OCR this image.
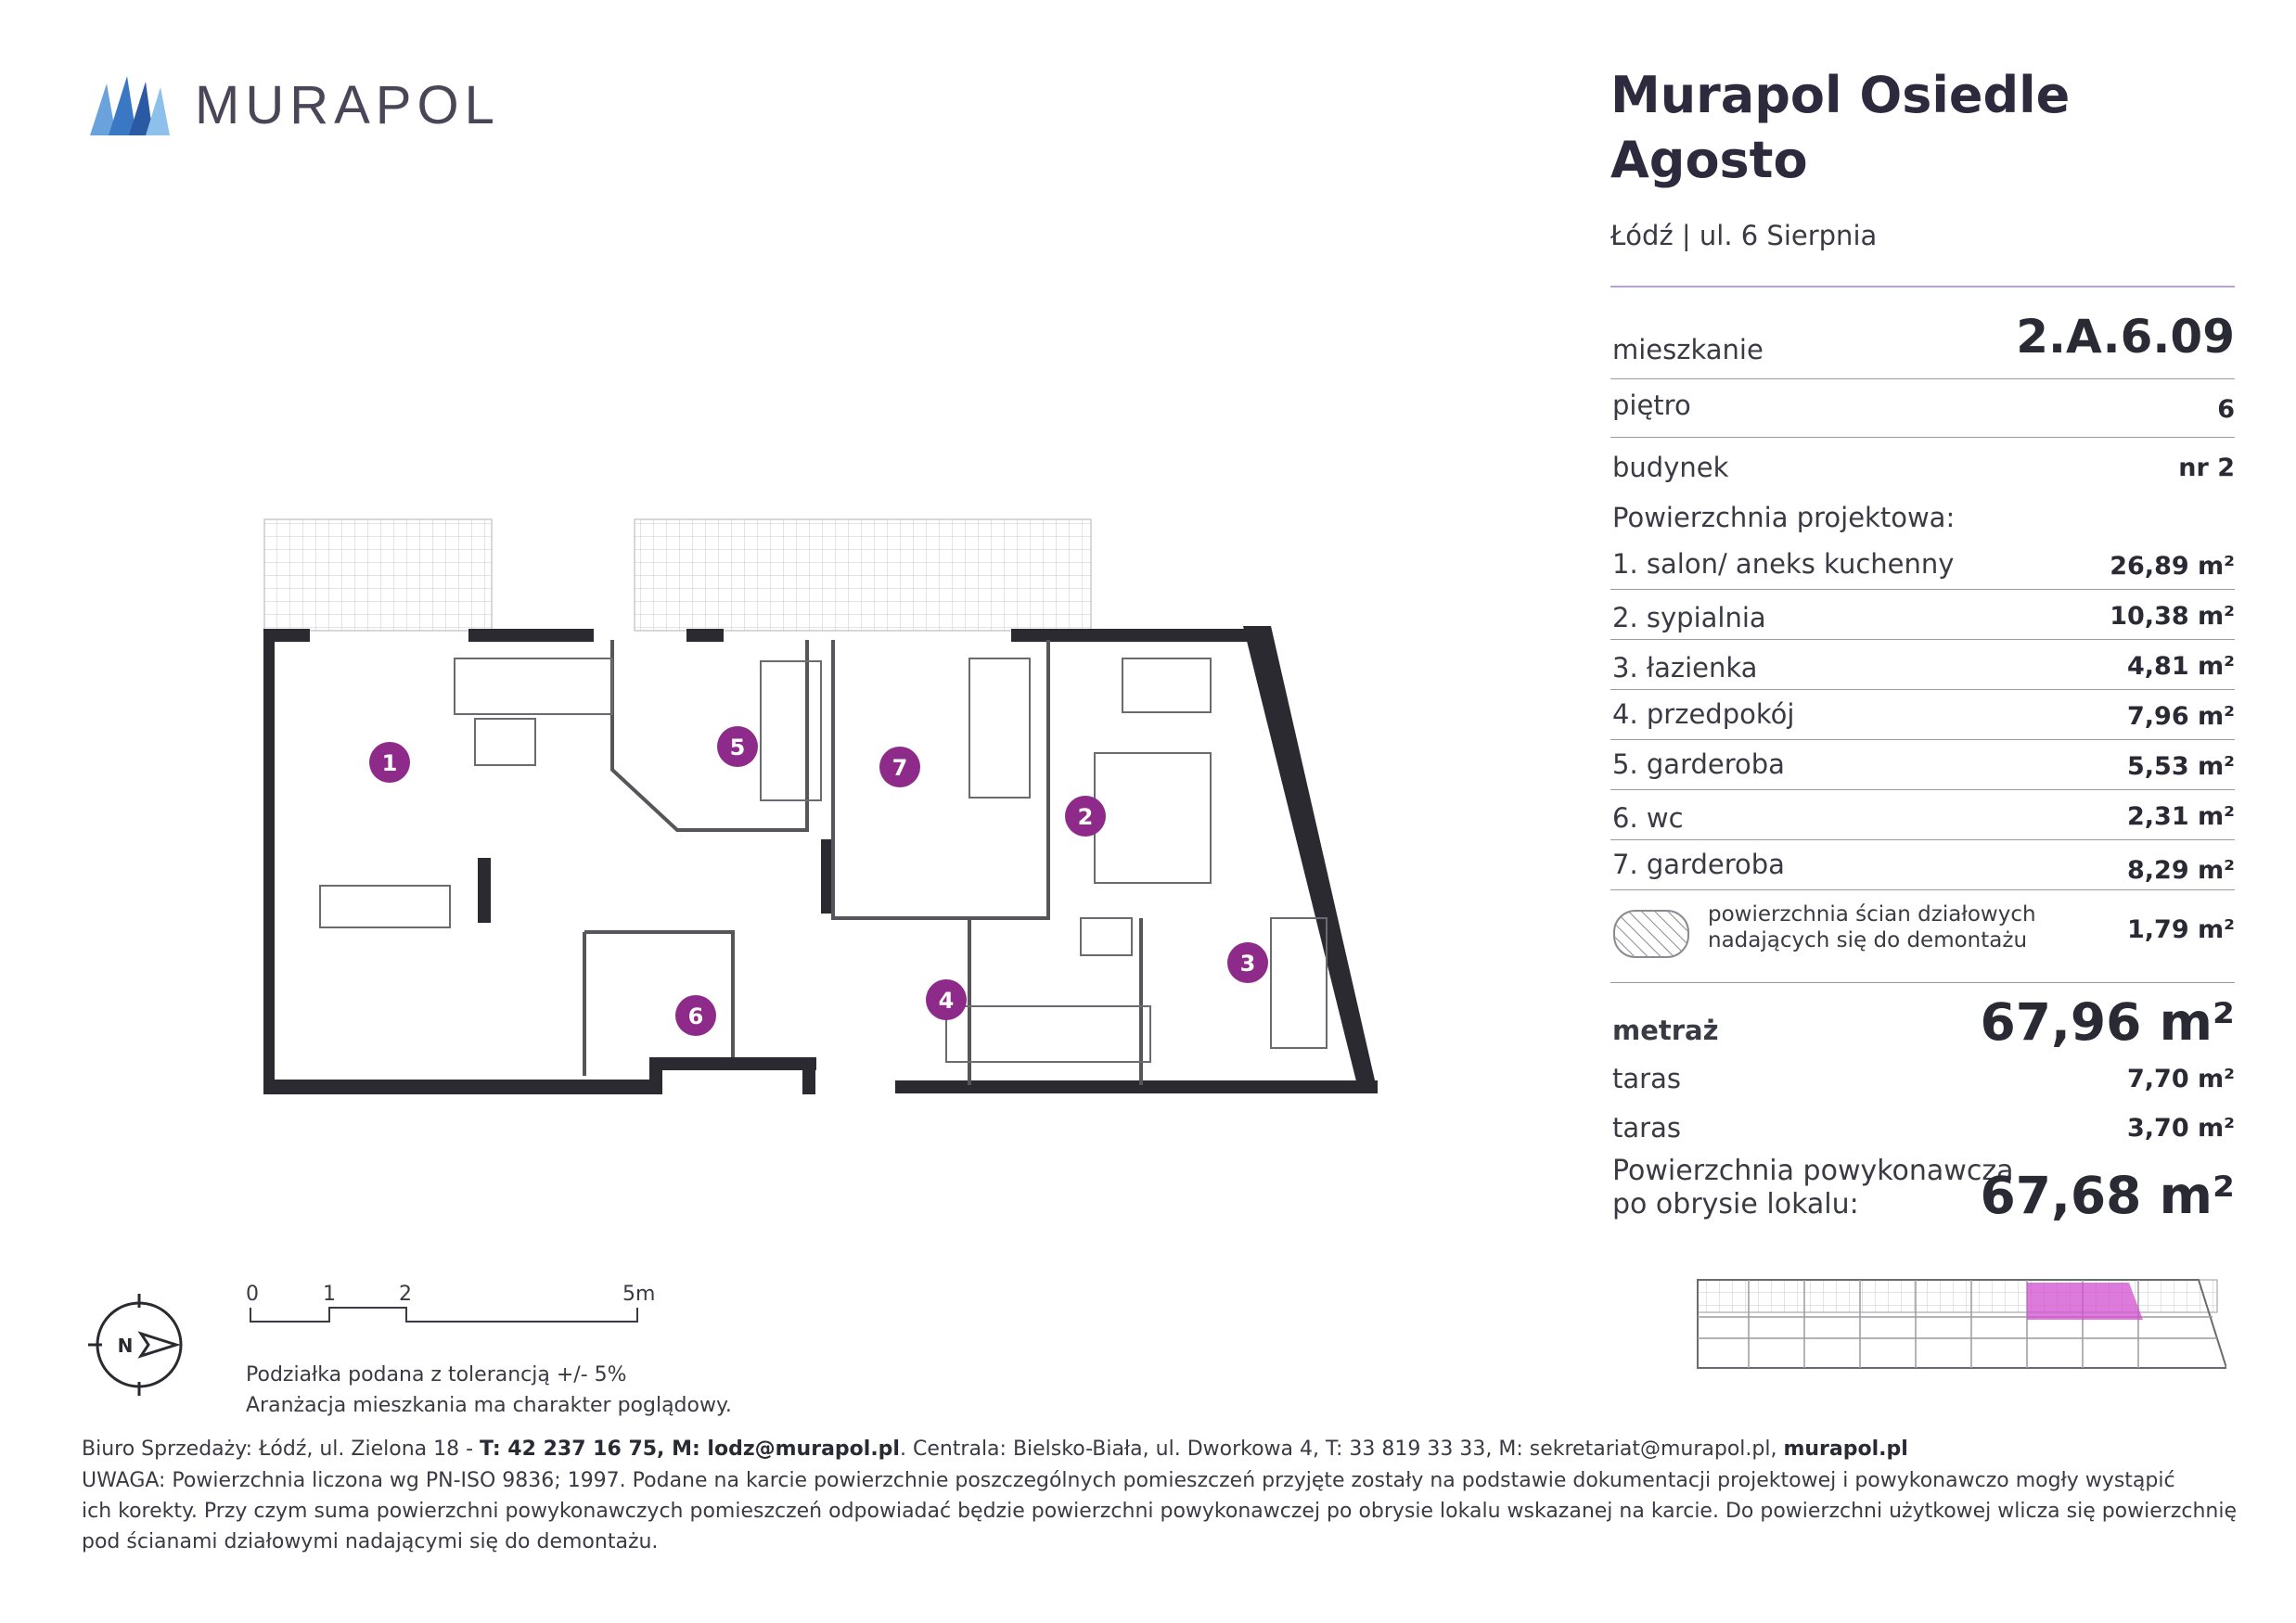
MURAPOL	Murapol Osiedle
Agosto
Łódź | ul. 6 Sierpnia
mieszkanie	2.A.6.09
piętro	6
budynek	nr 2
Powierzchnia projektowa:
1. salon/ aneks kuchenny	26,89 m²
2. sypialnia	10,38 m²
3. łazienka	4,81 m²
4. przedpokój	7,96 m²
5. garderoba	5,53 m²
6. wc	2,31 m²
7. garderoba	8,29 m²
powierzchnia ścian działowych
nadających się do demontażu	1,79 m²
metraż	67,96 m²
taras	7,70 m²
taras	3,70 m²
Powierzchnia powykonawcza
po obrysie lokalu: 67,68 m²
1
2
3
4
5
6
7
N
0	1	2	5m
Podziałka podana z tolerancją +/- 5%
Aranżacja mieszkania ma charakter poglądowy.
Biuro Sprzedaży: Łódź, ul. Zielona 18 - T: 42 237 16 75, M: lodz@murapol.pl. Centrala: Bielsko-Biała, ul. Dworkowa 4, T: 33 819 33 33, M: sekretariat@murapol.pl, murapol.pl
UWAGA: Powierzchnia liczona wg PN-ISO 9836; 1997. Podane na karcie powierzchnie poszczególnych pomieszczeń przyjęte zostały na podstawie dokumentacji projektowej i powykonawczo mogły wystąpić
ich korekty. Przy czym suma powierzchni powykonawczych pomieszczeń odpowiadać będzie powierzchni powykonawczej po obrysie lokalu wskazanej na karcie. Do powierzchni użytkowej wlicza się powierzchnię
pod ścianami działowymi nadającymi się do demontażu.
